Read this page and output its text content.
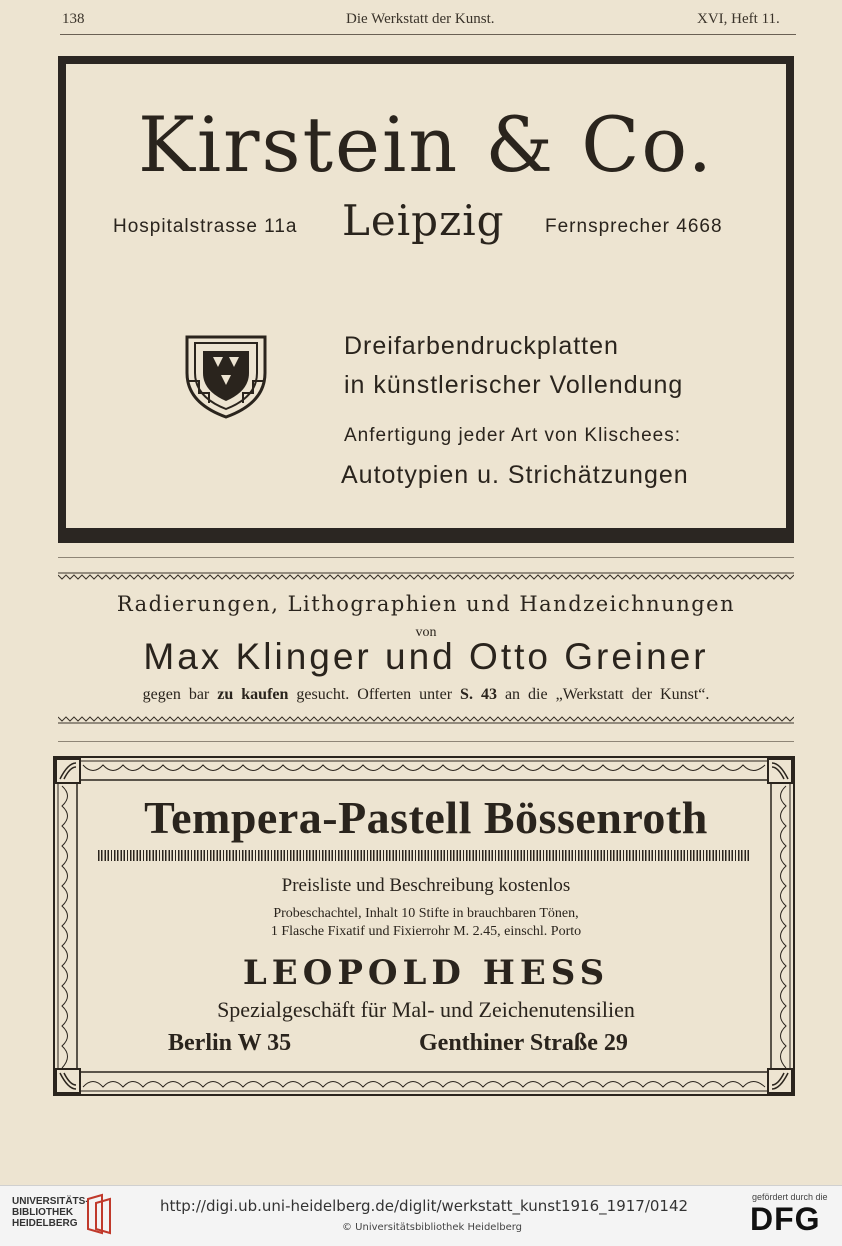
138	Die Werkstatt der Kunst.	XVI, Heft 11.
Kirstein & Co.
Hospitalstrasse 11a Leipzig Fernsprecher 4668
Dreifarbendruckplatten
in künstlerischer Vollendung
Anfertigung jeder Art von Klischees:
Autotypien u. Strichätzungen
Radierungen, Lithographien und Handzeichnungen
von
Max Klinger und Otto Greiner
gegen bar zu kaufen gesucht. Offerten unter S. 43 an die „Werkstatt der Kunst“.
Tempera-Pastell Bössenroth
Preisliste und Beschreibung kostenlos
Probeschachtel, Inhalt 10 Stifte in brauchbaren Tönen,
1 Flasche Fixatif und Fixierrohr M. 2.45, einschl. Porto
LEOPOLD HESS
Spezialgeschäft für Mal- und Zeichenutensilien
Berlin W 35	Genthiner Straße 29
UNIVERSITÄTS-
BIBLIOTHEK
HEIDELBERG
http://digi.ub.uni-heidelberg.de/diglit/werkstatt_kunst1916_1917/0142
© Universitätsbibliothek Heidelberg
gefördert durch die
DFG
